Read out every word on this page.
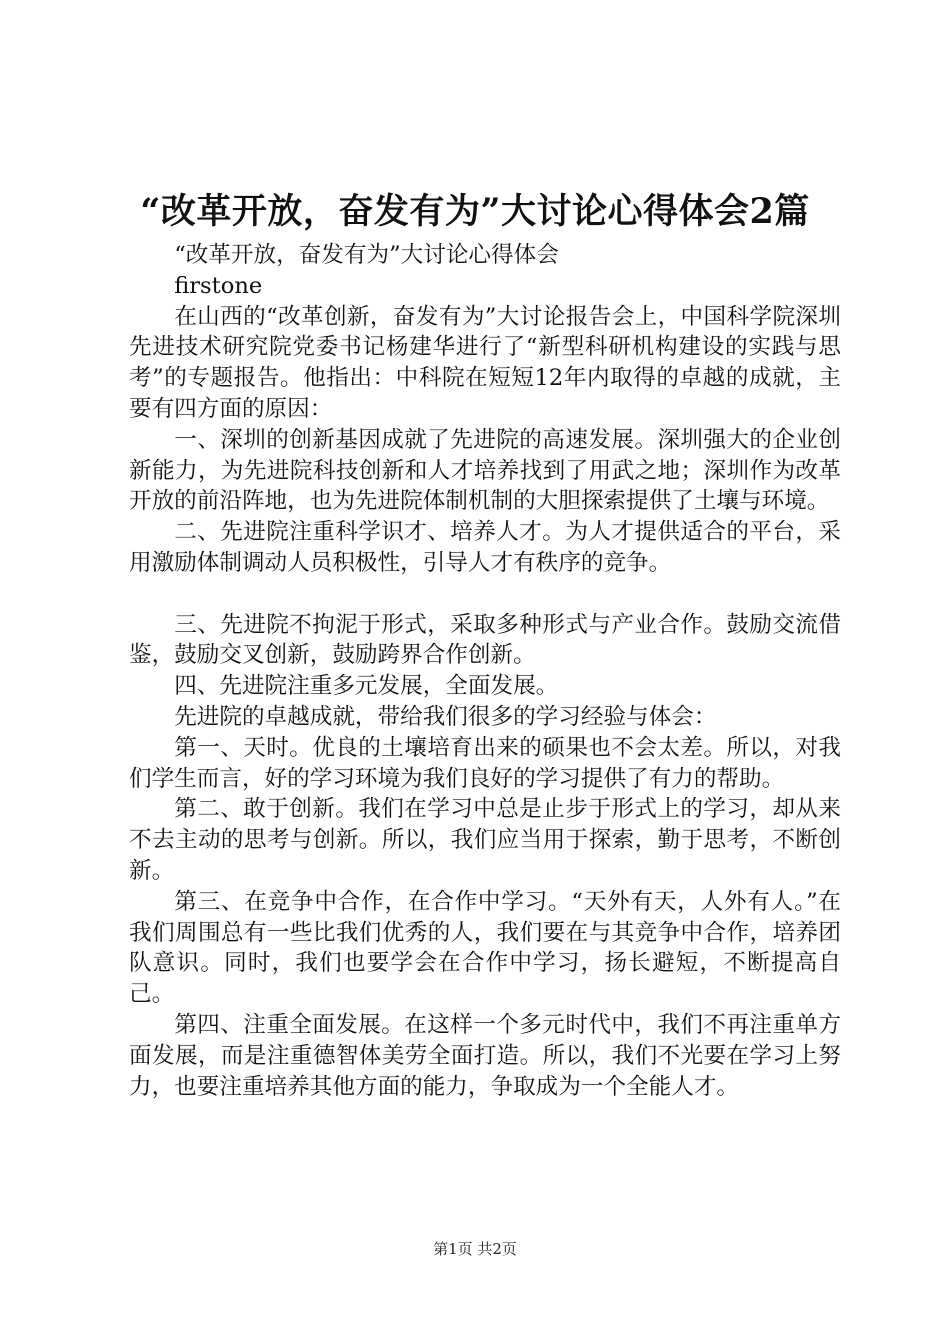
“改革开放，奋发有为”大讨论心得体会2篇

“改革开放，奋发有为”大讨论心得体会

firstone

在山西的“改革创新，奋发有为”大讨论报告会上，中国科学院深圳先进技术研究院党委书记杨建华进行了“新型科研机构建设的实践与思考”的专题报告。他指出：中科院在短短12年内取得的卓越的成就，主要有四方面的原因：

一、深圳的创新基因成就了先进院的高速发展。深圳强大的企业创新能力，为先进院科技创新和人才培养找到了用武之地；深圳作为改革开放的前沿阵地，也为先进院体制机制的大胆探索提供了土壤与环境。

二、先进院注重科学识才、培养人才。为人才提供适合的平台，采用激励体制调动人员积极性，引导人才有秩序的竞争。

三、先进院不拘泥于形式，采取多种形式与产业合作。鼓励交流借鉴，鼓励交叉创新，鼓励跨界合作创新。

四、先进院注重多元发展，全面发展。

先进院的卓越成就，带给我们很多的学习经验与体会：

第一、天时。优良的土壤培育出来的硕果也不会太差。所以，对我们学生而言，好的学习环境为我们良好的学习提供了有力的帮助。

第二、敢于创新。我们在学习中总是止步于形式上的学习，却从来不去主动的思考与创新。所以，我们应当用于探索，勤于思考，不断创新。

第三、在竞争中合作，在合作中学习。“天外有天，人外有人。”在我们周围总有一些比我们优秀的人，我们要在与其竞争中合作，培养团队意识。同时，我们也要学会在合作中学习，扬长避短，不断提高自己。

第四、注重全面发展。在这样一个多元时代中，我们不再注重单方面发展，而是注重德智体美劳全面打造。所以，我们不光要在学习上努力，也要注重培养其他方面的能力，争取成为一个全能人才。

第1页 共2页
